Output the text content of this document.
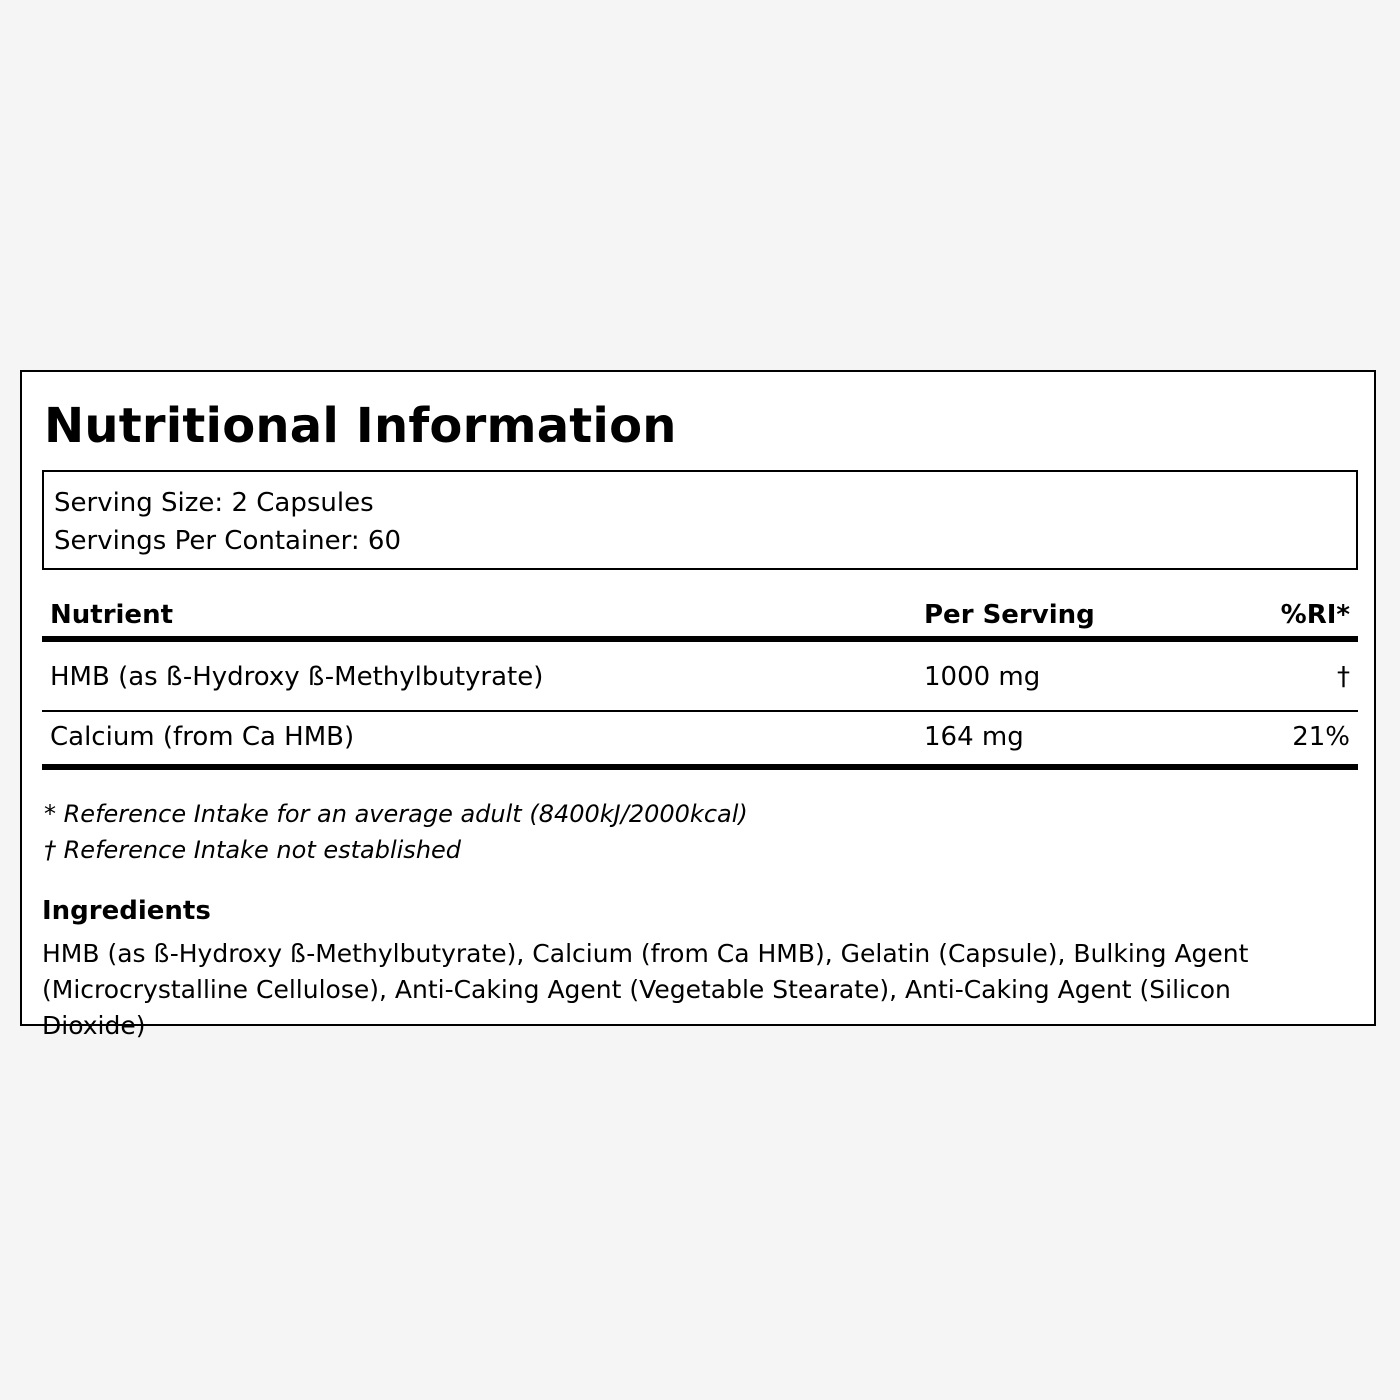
Nutritional Information
Serving Size: 2 Capsules
Servings Per Container: 60
Nutrient	Per Serving	%RI*
HMB (as ß-Hydroxy ß-Methylbutyrate)	1000 mg	†
Calcium (from Ca HMB)	164 mg	21%
* Reference Intake for an average adult (8400kJ/2000kcal)
† Reference Intake not established
Ingredients

HMB (as ß-Hydroxy ß-Methylbutyrate), Calcium (from Ca HMB), Gelatin (Capsule), Bulking Agent (Microcrystalline Cellulose), Anti-Caking Agent (Vegetable Stearate), Anti-Caking Agent (Silicon Dioxide)
